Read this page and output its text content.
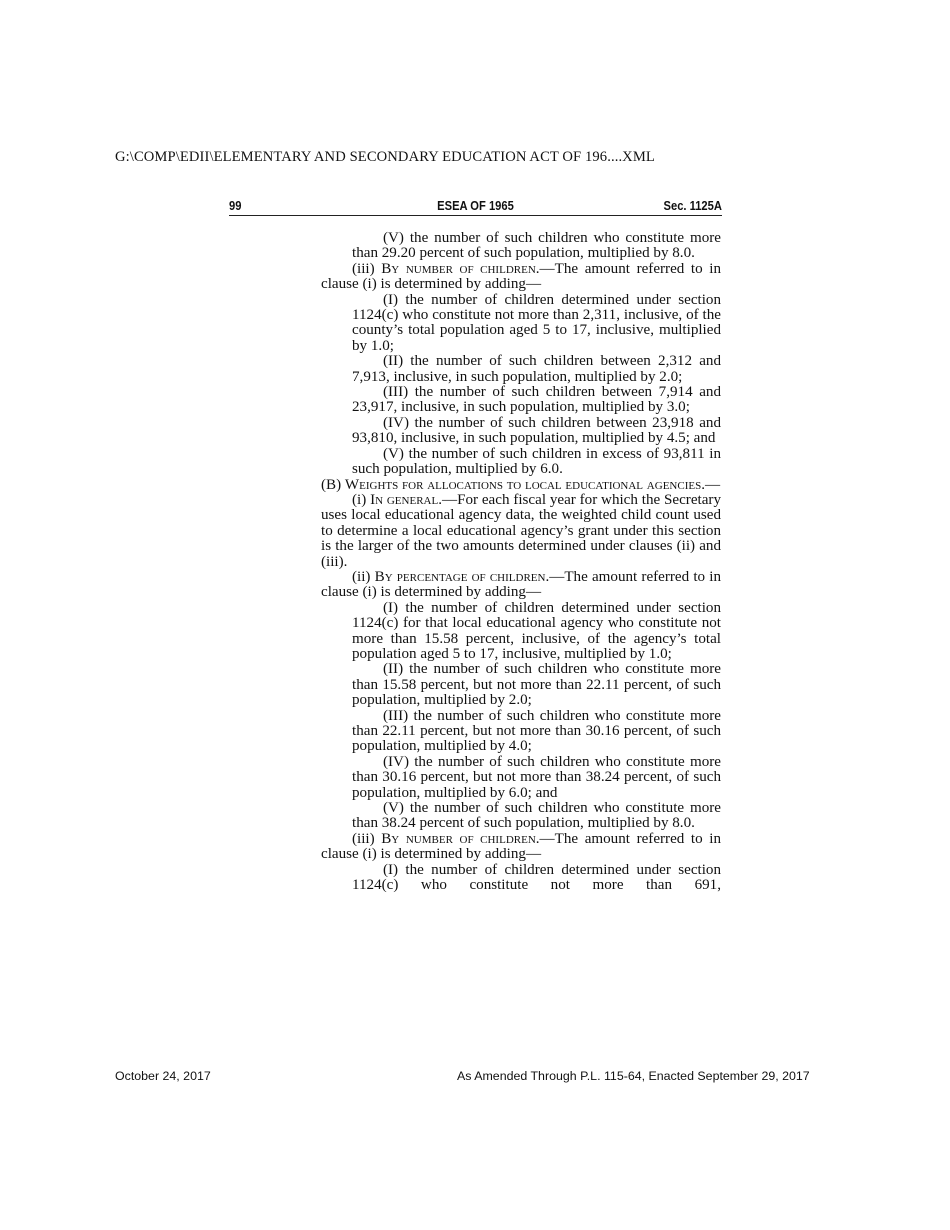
G:\COMP\EDII\ELEMENTARY AND SECONDARY EDUCATION ACT OF 196....XML
99	ESEA OF 1965	Sec. 1125A
(V) the number of such children who constitute more than 29.20 percent of such population, multiplied by 8.0.
(iii) By number of children.—The amount referred to in clause (i) is determined by adding—
(I) the number of children determined under section 1124(c) who constitute not more than 2,311, inclusive, of the county’s total population aged 5 to 17, inclusive, multiplied by 1.0;
(II) the number of such children between 2,312 and 7,913, inclusive, in such population, multiplied by 2.0;
(III) the number of such children between 7,914 and 23,917, inclusive, in such population, multiplied by 3.0;
(IV) the number of such children between 23,918 and 93,810, inclusive, in such population, multiplied by 4.5; and
(V) the number of such children in excess of 93,811 in such population, multiplied by 6.0.
(B) Weights for allocations to local educational agencies.—
(i) In general.—For each fiscal year for which the Secretary uses local educational agency data, the weighted child count used to determine a local educational agency’s grant under this section is the larger of the two amounts determined under clauses (ii) and (iii).
(ii) By percentage of children.—The amount referred to in clause (i) is determined by adding—
(I) the number of children determined under section 1124(c) for that local educational agency who constitute not more than 15.58 percent, inclusive, of the agency’s total population aged 5 to 17, inclusive, multiplied by 1.0;
(II) the number of such children who constitute more than 15.58 percent, but not more than 22.11 percent, of such population, multiplied by 2.0;
(III) the number of such children who constitute more than 22.11 percent, but not more than 30.16 percent, of such population, multiplied by 4.0;
(IV) the number of such children who constitute more than 30.16 percent, but not more than 38.24 percent, of such population, multiplied by 6.0; and
(V) the number of such children who constitute more than 38.24 percent of such population, multiplied by 8.0.
(iii) By number of children.—The amount referred to in clause (i) is determined by adding—
(I) the number of children determined under section 1124(c) who constitute not more than 691,
October 24, 2017	As Amended Through P.L. 115-64, Enacted September 29, 2017
